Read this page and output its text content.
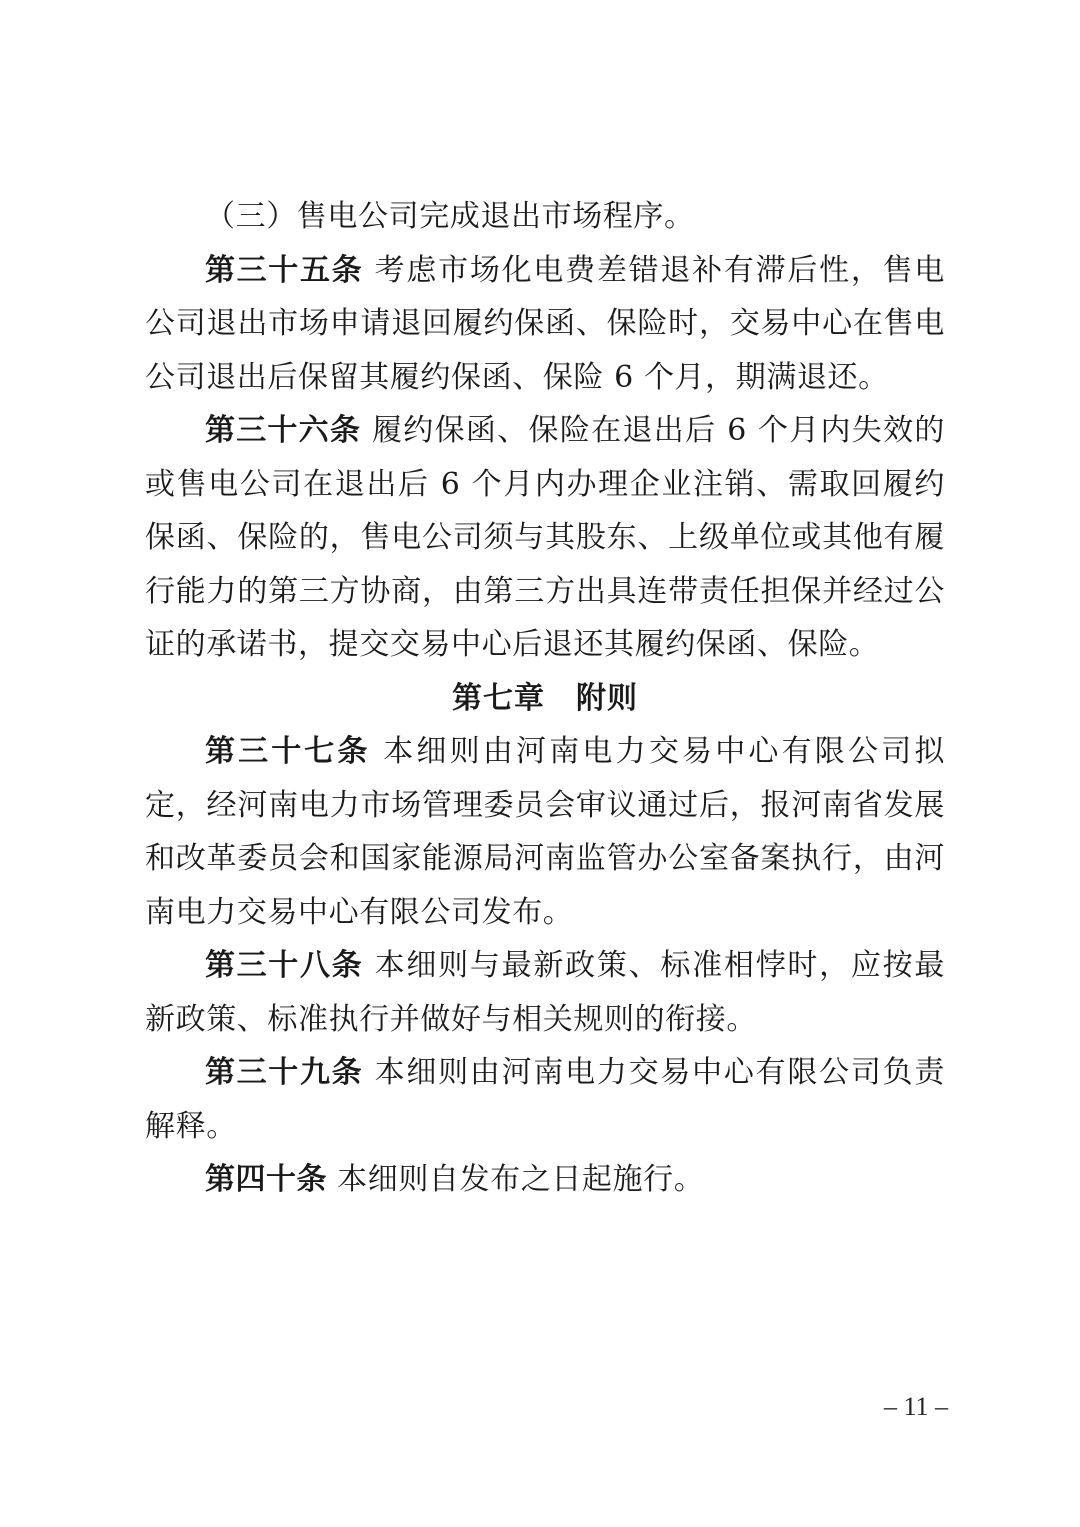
（三）售电公司完成退出市场程序。

第三十五条 考虑市场化电费差错退补有滞后性，售电公司退出市场申请退回履约保函、保险时，交易中心在售电公司退出后保留其履约保函、保险 6 个月，期满退还。

第三十六条 履约保函、保险在退出后 6 个月内失效的或售电公司在退出后 6 个月内办理企业注销、需取回履约保函、保险的，售电公司须与其股东、上级单位或其他有履行能力的第三方协商，由第三方出具连带责任担保并经过公证的承诺书，提交交易中心后退还其履约保函、保险。

第七章　附则

第三十七条 本细则由河南电力交易中心有限公司拟定，经河南电力市场管理委员会审议通过后，报河南省发展和改革委员会和国家能源局河南监管办公室备案执行，由河南电力交易中心有限公司发布。

第三十八条 本细则与最新政策、标准相悖时，应按最新政策、标准执行并做好与相关规则的衔接。

第三十九条 本细则由河南电力交易中心有限公司负责解释。

第四十条 本细则自发布之日起施行。

– 11 –
